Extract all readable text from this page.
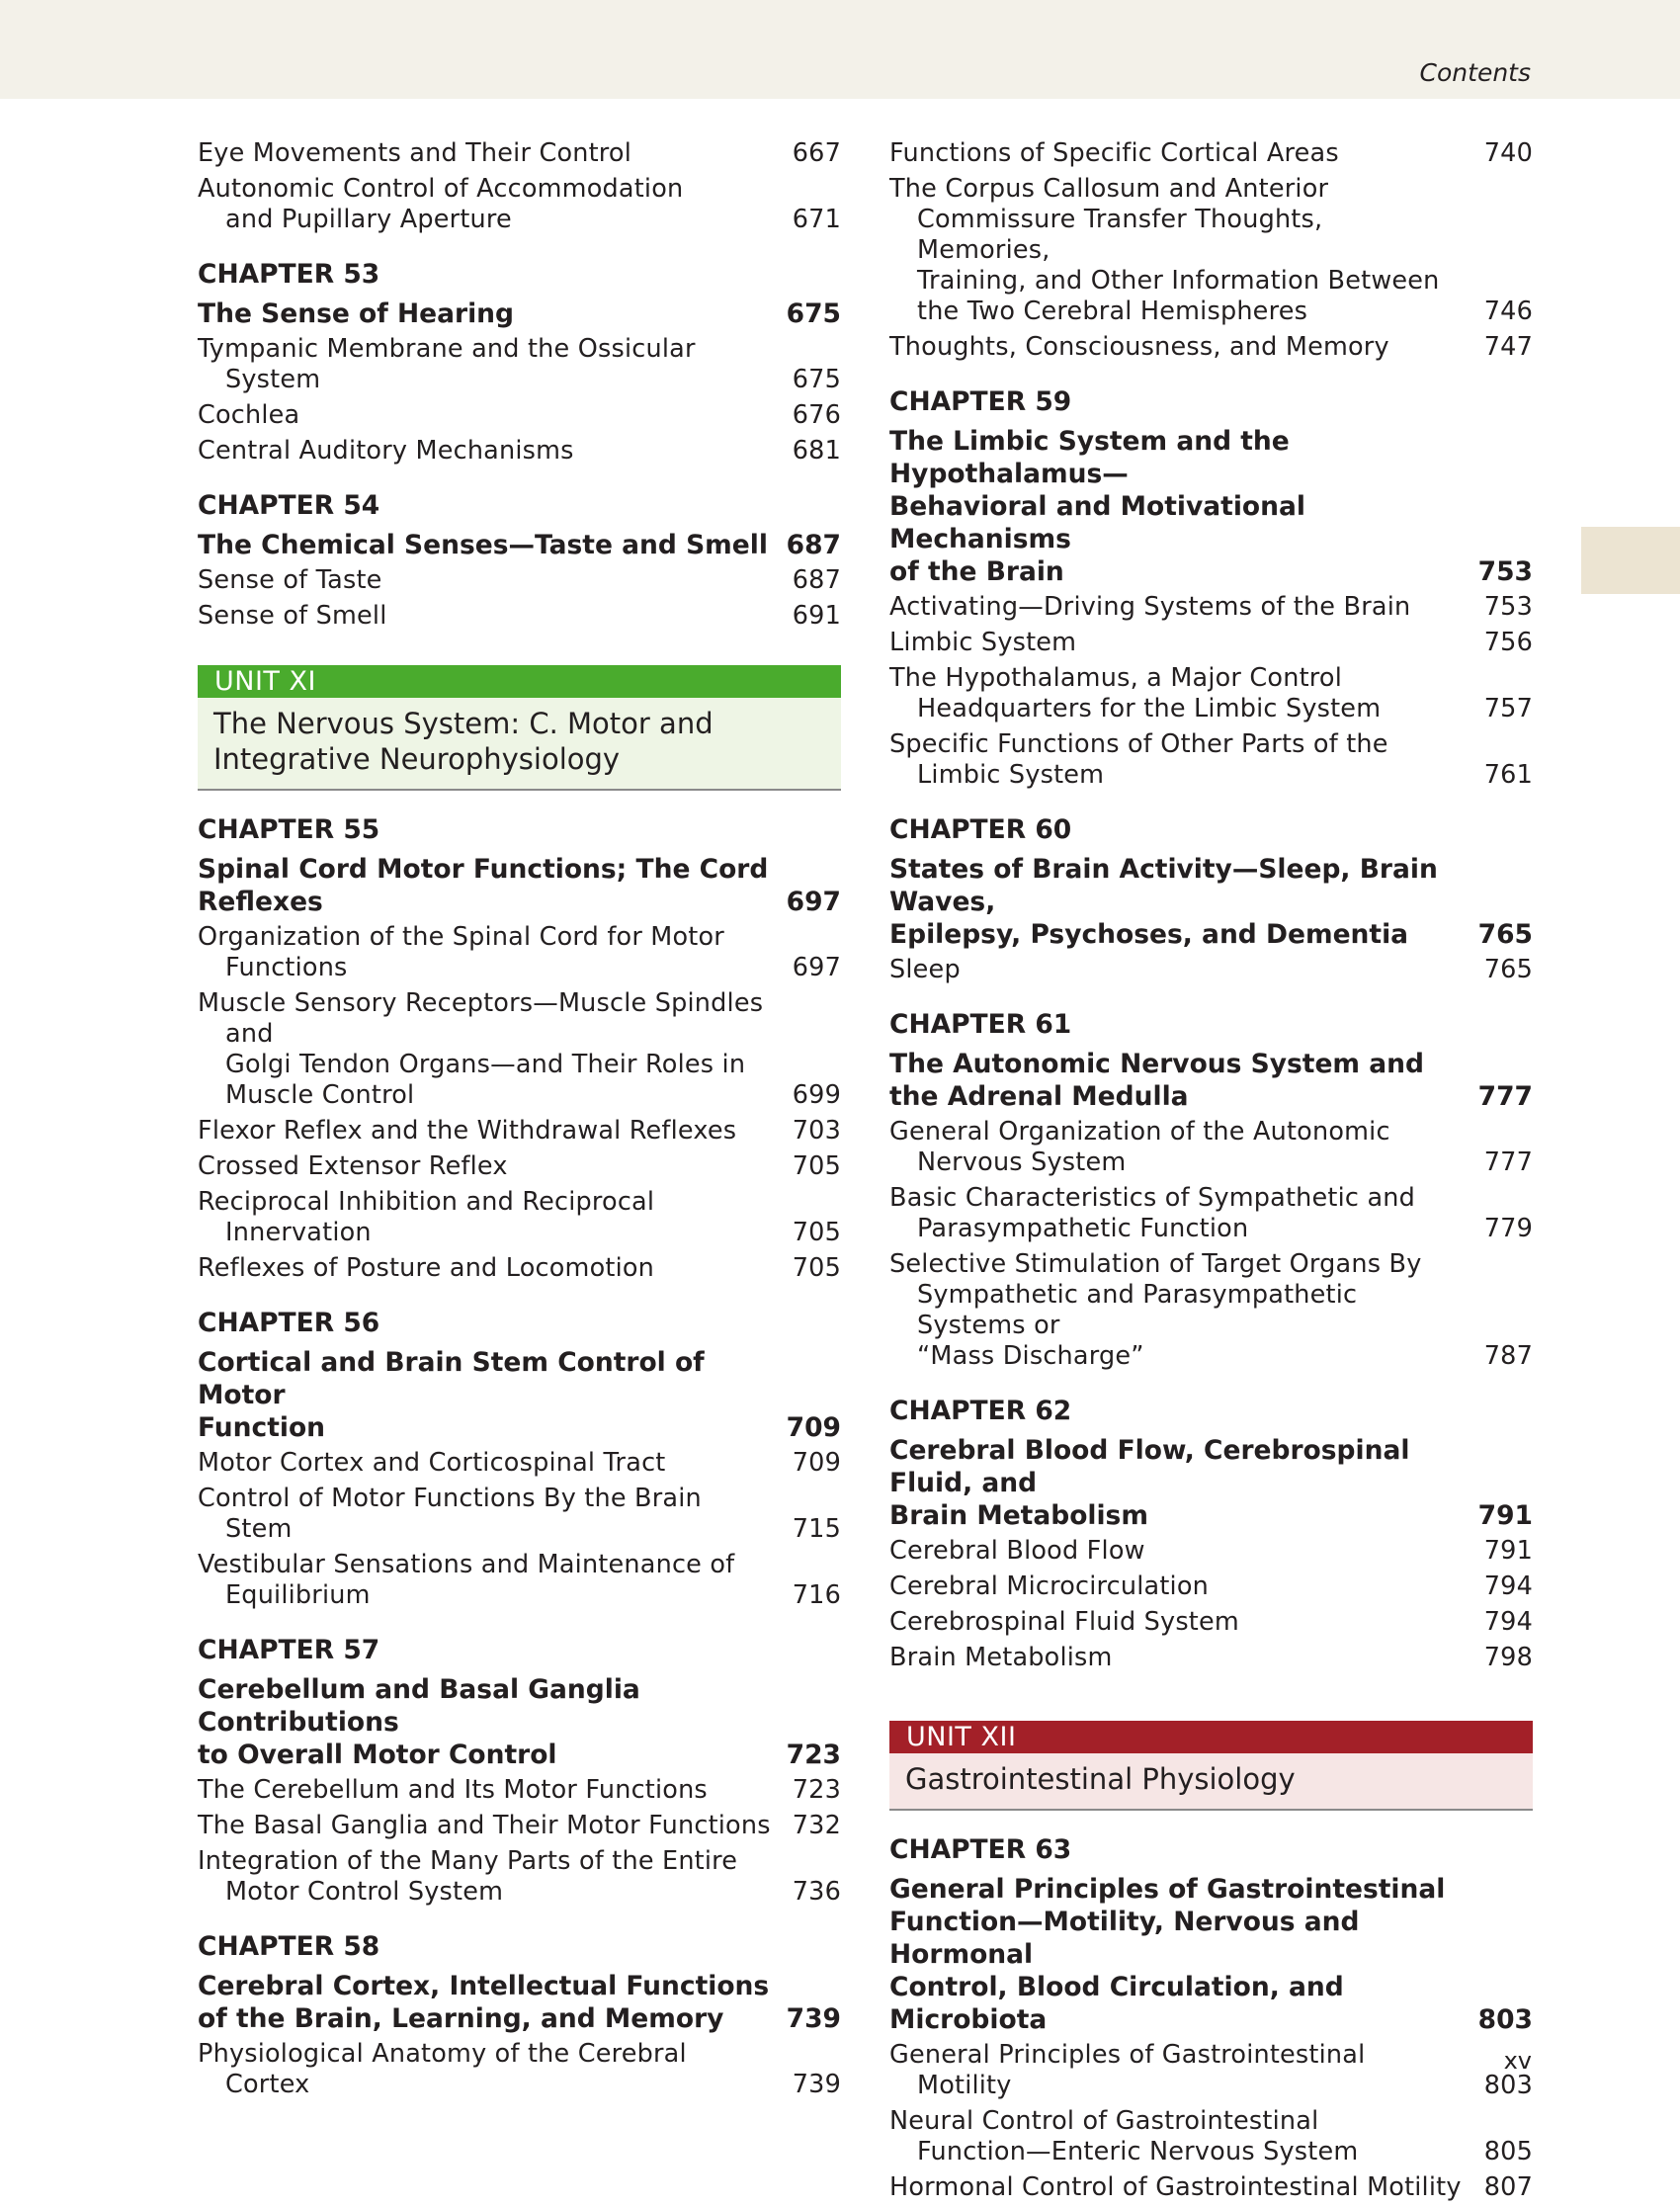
Contents
Eye Movements and Their Control	667
Autonomic Control of Accommodation
and Pupillary Aperture	671
CHAPTER 53
The Sense of Hearing	675
Tympanic Membrane and the Ossicular System	675
Cochlea	676
Central Auditory Mechanisms	681
CHAPTER 54
The Chemical Senses—Taste and Smell 687
Sense of Taste	687
Sense of Smell	691
UNIT XI
The Nervous System: C. Motor and
Integrative Neurophysiology
CHAPTER 55
Spinal Cord Motor Functions; The Cord
Reflexes	697
Organization of the Spinal Cord for Motor
Functions	697
Muscle Sensory Receptors—Muscle Spindles and
Golgi Tendon Organs—and Their Roles in
Muscle Control	699
Flexor Reflex and the Withdrawal Reflexes	703
Crossed Extensor Reflex	705
Reciprocal Inhibition and Reciprocal
Innervation	705
Reflexes of Posture and Locomotion	705
CHAPTER 56
Cortical and Brain Stem Control of Motor
Function	709
Motor Cortex and Corticospinal Tract	709
Control of Motor Functions By the Brain Stem	715
Vestibular Sensations and Maintenance of
Equilibrium	716
CHAPTER 57
Cerebellum and Basal Ganglia Contributions
to Overall Motor Control	723
The Cerebellum and Its Motor Functions	723
The Basal Ganglia and Their Motor Functions 732
Integration of the Many Parts of the Entire
Motor Control System	736
CHAPTER 58
Cerebral Cortex, Intellectual Functions
of the Brain, Learning, and Memory	739
Physiological Anatomy of the Cerebral Cortex	739
Functions of Specific Cortical Areas	740
The Corpus Callosum and Anterior
Commissure Transfer Thoughts, Memories,
Training, and Other Information Between
the Two Cerebral Hemispheres	746
Thoughts, Consciousness, and Memory	747
CHAPTER 59
The Limbic System and the Hypothalamus—
Behavioral and Motivational Mechanisms
of the Brain	753
Activating—Driving Systems of the Brain	753
Limbic System	756
The Hypothalamus, a Major Control
Headquarters for the Limbic System	757
Specific Functions of Other Parts of the
Limbic System	761
CHAPTER 60
States of Brain Activity—Sleep, Brain Waves,
Epilepsy, Psychoses, and Dementia	765
Sleep	765
CHAPTER 61
The Autonomic Nervous System and
the Adrenal Medulla	777
General Organization of the Autonomic
Nervous System	777
Basic Characteristics of Sympathetic and
Parasympathetic Function	779
Selective Stimulation of Target Organs By
Sympathetic and Parasympathetic Systems or
“Mass Discharge”	787
CHAPTER 62
Cerebral Blood Flow, Cerebrospinal Fluid, and
Brain Metabolism	791
Cerebral Blood Flow	791
Cerebral Microcirculation	794
Cerebrospinal Fluid System	794
Brain Metabolism	798
UNIT XII
Gastrointestinal Physiology
CHAPTER 63
General Principles of Gastrointestinal
Function—Motility, Nervous and Hormonal
Control, Blood Circulation, and Microbiota	803
General Principles of Gastrointestinal Motility	803
Neural Control of Gastrointestinal
Function—Enteric Nervous System	805
Hormonal Control of Gastrointestinal Motility 807
xv
